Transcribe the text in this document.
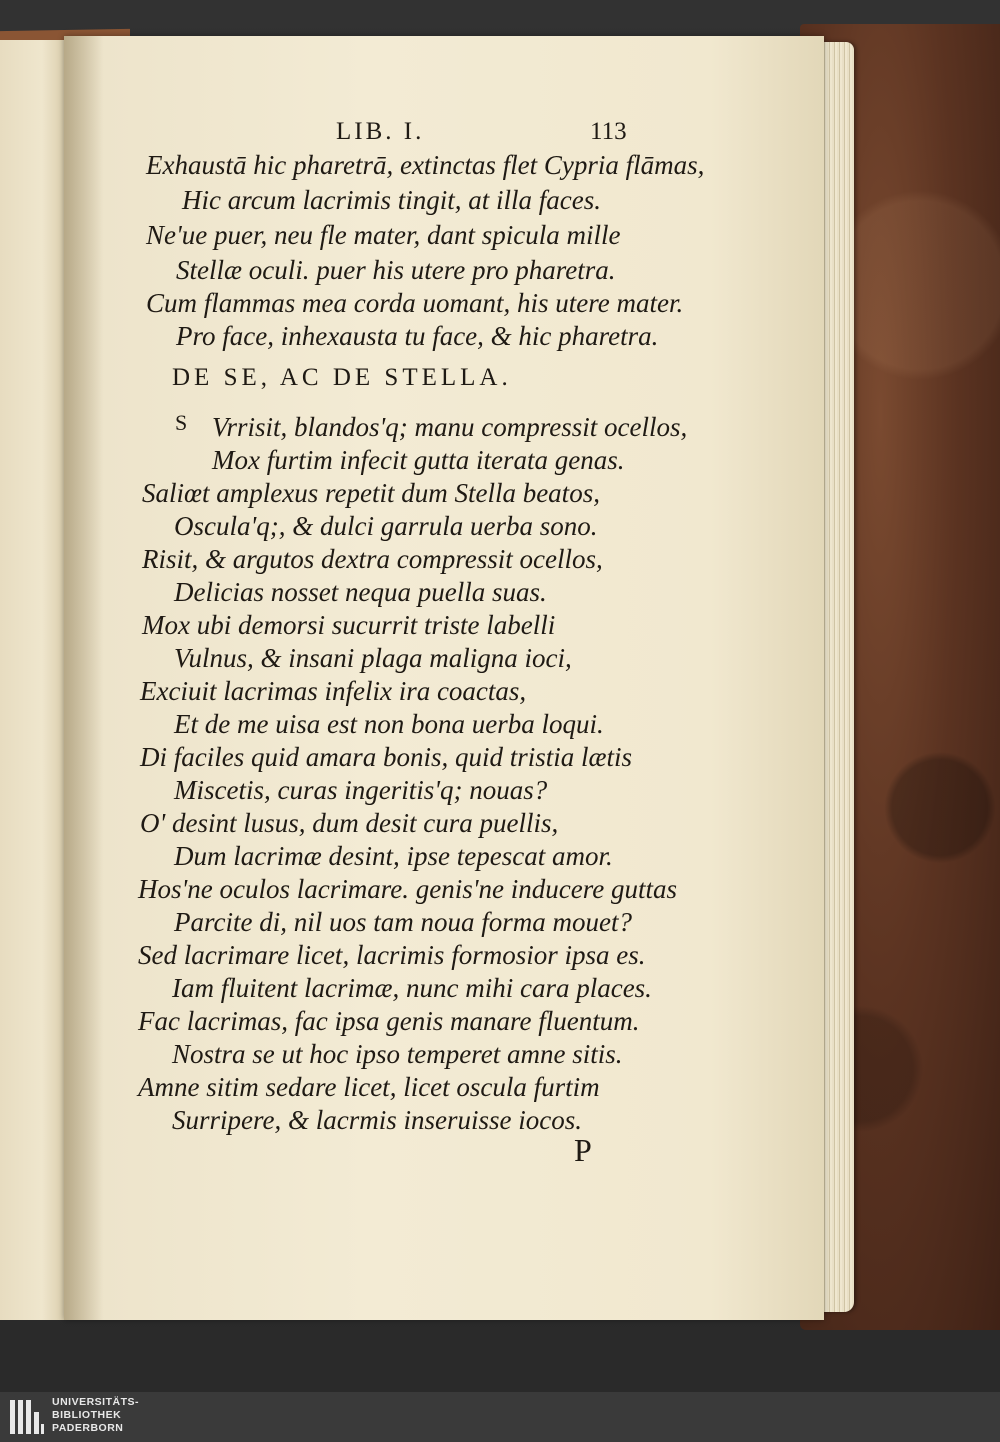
LIB. I.	113
Exhaustā hic pharetrā, extinctas flet Cypria flāmas,
Hic arcum lacrimis tingit, at illa faces.
Ne'ue puer, neu fle mater, dant spicula mille
Stellæ oculi. puer his utere pro pharetra.
Cum flammas mea corda uomant, his utere mater.
Pro face, inhexausta tu face, & hic pharetra.
DE SE, AC DE STELLA.
S Vrrisit, blandos'q; manu compressit ocellos,
Mox furtim infecit gutta iterata genas.
Saliœt amplexus repetit dum Stella beatos,
Oscula'q;, & dulci garrula uerba sono.
Risit, & argutos dextra compressit ocellos,
Delicias nosset nequa puella suas.
Mox ubi demorsi sucurrit triste labelli
Vulnus, & insani plaga maligna ioci,
Exciuit lacrimas infelix ira coactas,
Et de me uisa est non bona uerba loqui.
Di faciles quid amara bonis, quid tristia lætis
Miscetis, curas ingeritis'q; nouas?
O' desint lusus, dum desit cura puellis,
Dum lacrimæ desint, ipse tepescat amor.
Hos'ne oculos lacrimare. genis'ne inducere guttas
Parcite di, nil uos tam noua forma mouet?
Sed lacrimare licet, lacrimis formosior ipsa es.
Iam fluitent lacrimæ, nunc mihi cara places.
Fac lacrimas, fac ipsa genis manare fluentum.
Nostra se ut hoc ipso temperet amne sitis.
Amne sitim sedare licet, licet oscula furtim
Surripere, & lacrmis inseruisse iocos.
P
UNIVERSITÄTS-
BIBLIOTHEK
PADERBORN
